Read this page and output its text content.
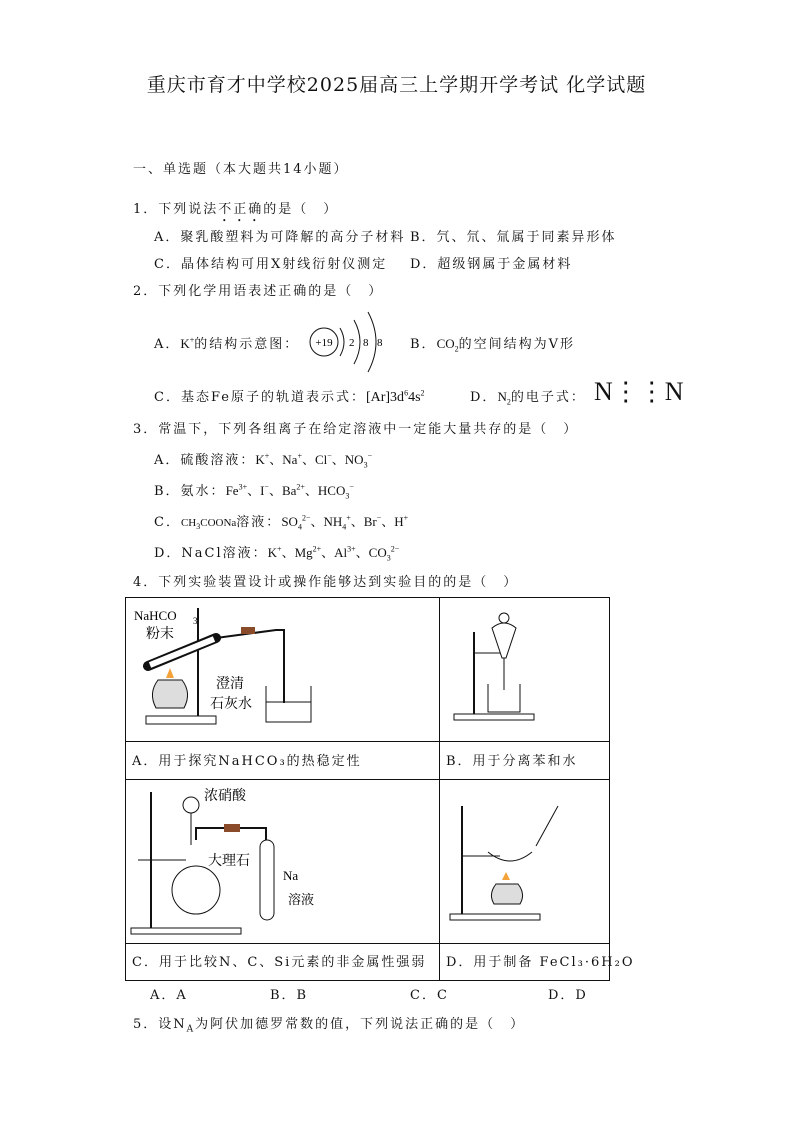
重庆市育才中学校2025届高三上学期开学考试 化学试题
一、单选题（本大题共14小题）
1．下列说法不正确的是（　）
A．聚乳酸塑料为可降解的高分子材料 B．氕、氘、氚属于同素异形体
C．晶体结构可用X射线衍射仪测定 D．超级钢属于金属材料
2．下列化学用语表述正确的是（　）
A．K+的结构示意图： +19 2 8 8 B．$CO_2$的空间结构为V形
C．基态Fe原子的轨道表示式：$[Ar]3d^64s^2$	D．$N_2$的电子式： N⋮⋮N
3．常温下，下列各组离子在给定溶液中一定能大量共存的是（　）
A．硫酸溶液：K+、Na+、Cl−、$NO_3^-$
B．氨水：$Fe^{3+}$、I−、$Ba^{2+}$、$HCO_3^-$
C．$CH_3COONa$溶液：$SO_4^{2-}$、$NH_4^+$、Br−、H+
D．NaCl溶液：K+、$Mg^{2+}$、$Al^{3+}$、$CO_3^{2-}$
4．下列实验装置设计或操作能够达到实验目的的是（　）
NaHCO 3
粉末
澄清
石灰水
A．用于探究NaHCO₃的热稳定性	B．用于分离苯和水
浓硝酸
大理石
Na
溶液
C．用于比较N、C、Si元素的非金属性强弱 D．用于制备 FeCl₃·6H₂O
A．A	B．B	C．C	D．D
5．设$N_A$为阿伏加德罗常数的值，下列说法正确的是（　）
